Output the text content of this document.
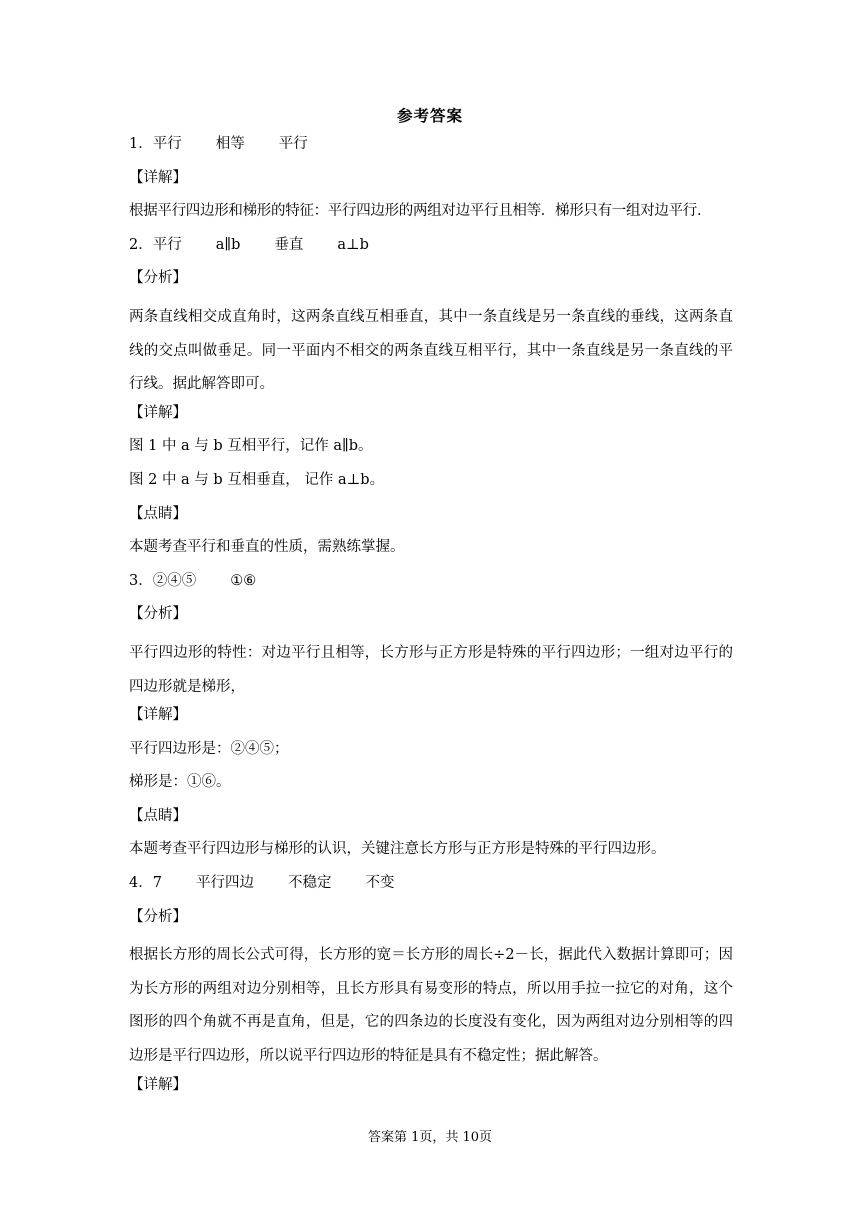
参考答案
1．平行 相等 平行
【详解】
根据平行四边形和梯形的特征：平行四边形的两组对边平行且相等．梯形只有一组对边平行．
2．平行 a∥b 垂直 a⊥b
【分析】
两条直线相交成直角时，这两条直线互相垂直，其中一条直线是另一条直线的垂线，这两条直线的交点叫做垂足。同一平面内不相交的两条直线互相平行，其中一条直线是另一条直线的平行线。据此解答即可。
【详解】
图 1 中 a 与 b 互相平行，记作 a∥b。
图 2 中 a 与 b 互相垂直， 记作 a⊥b。
【点睛】
本题考查平行和垂直的性质，需熟练掌握。
3．②④⑤ ①⑥
【分析】
平行四边形的特性：对边平行且相等，长方形与正方形是特殊的平行四边形；一组对边平行的四边形就是梯形，
【详解】
平行四边形是：②④⑤；
梯形是：①⑥。
【点睛】
本题考查平行四边形与梯形的认识，关键注意长方形与正方形是特殊的平行四边形。
4．7 平行四边 不稳定 不变
【分析】
根据长方形的周长公式可得，长方形的宽＝长方形的周长÷2－长，据此代入数据计算即可；因为长方形的两组对边分别相等，且长方形具有易变形的特点，所以用手拉一拉它的对角，这个图形的四个角就不再是直角，但是，它的四条边的长度没有变化，因为两组对边分别相等的四边形是平行四边形，所以说平行四边形的特征是具有不稳定性；据此解答。
【详解】
答案第 1页，共 10页
